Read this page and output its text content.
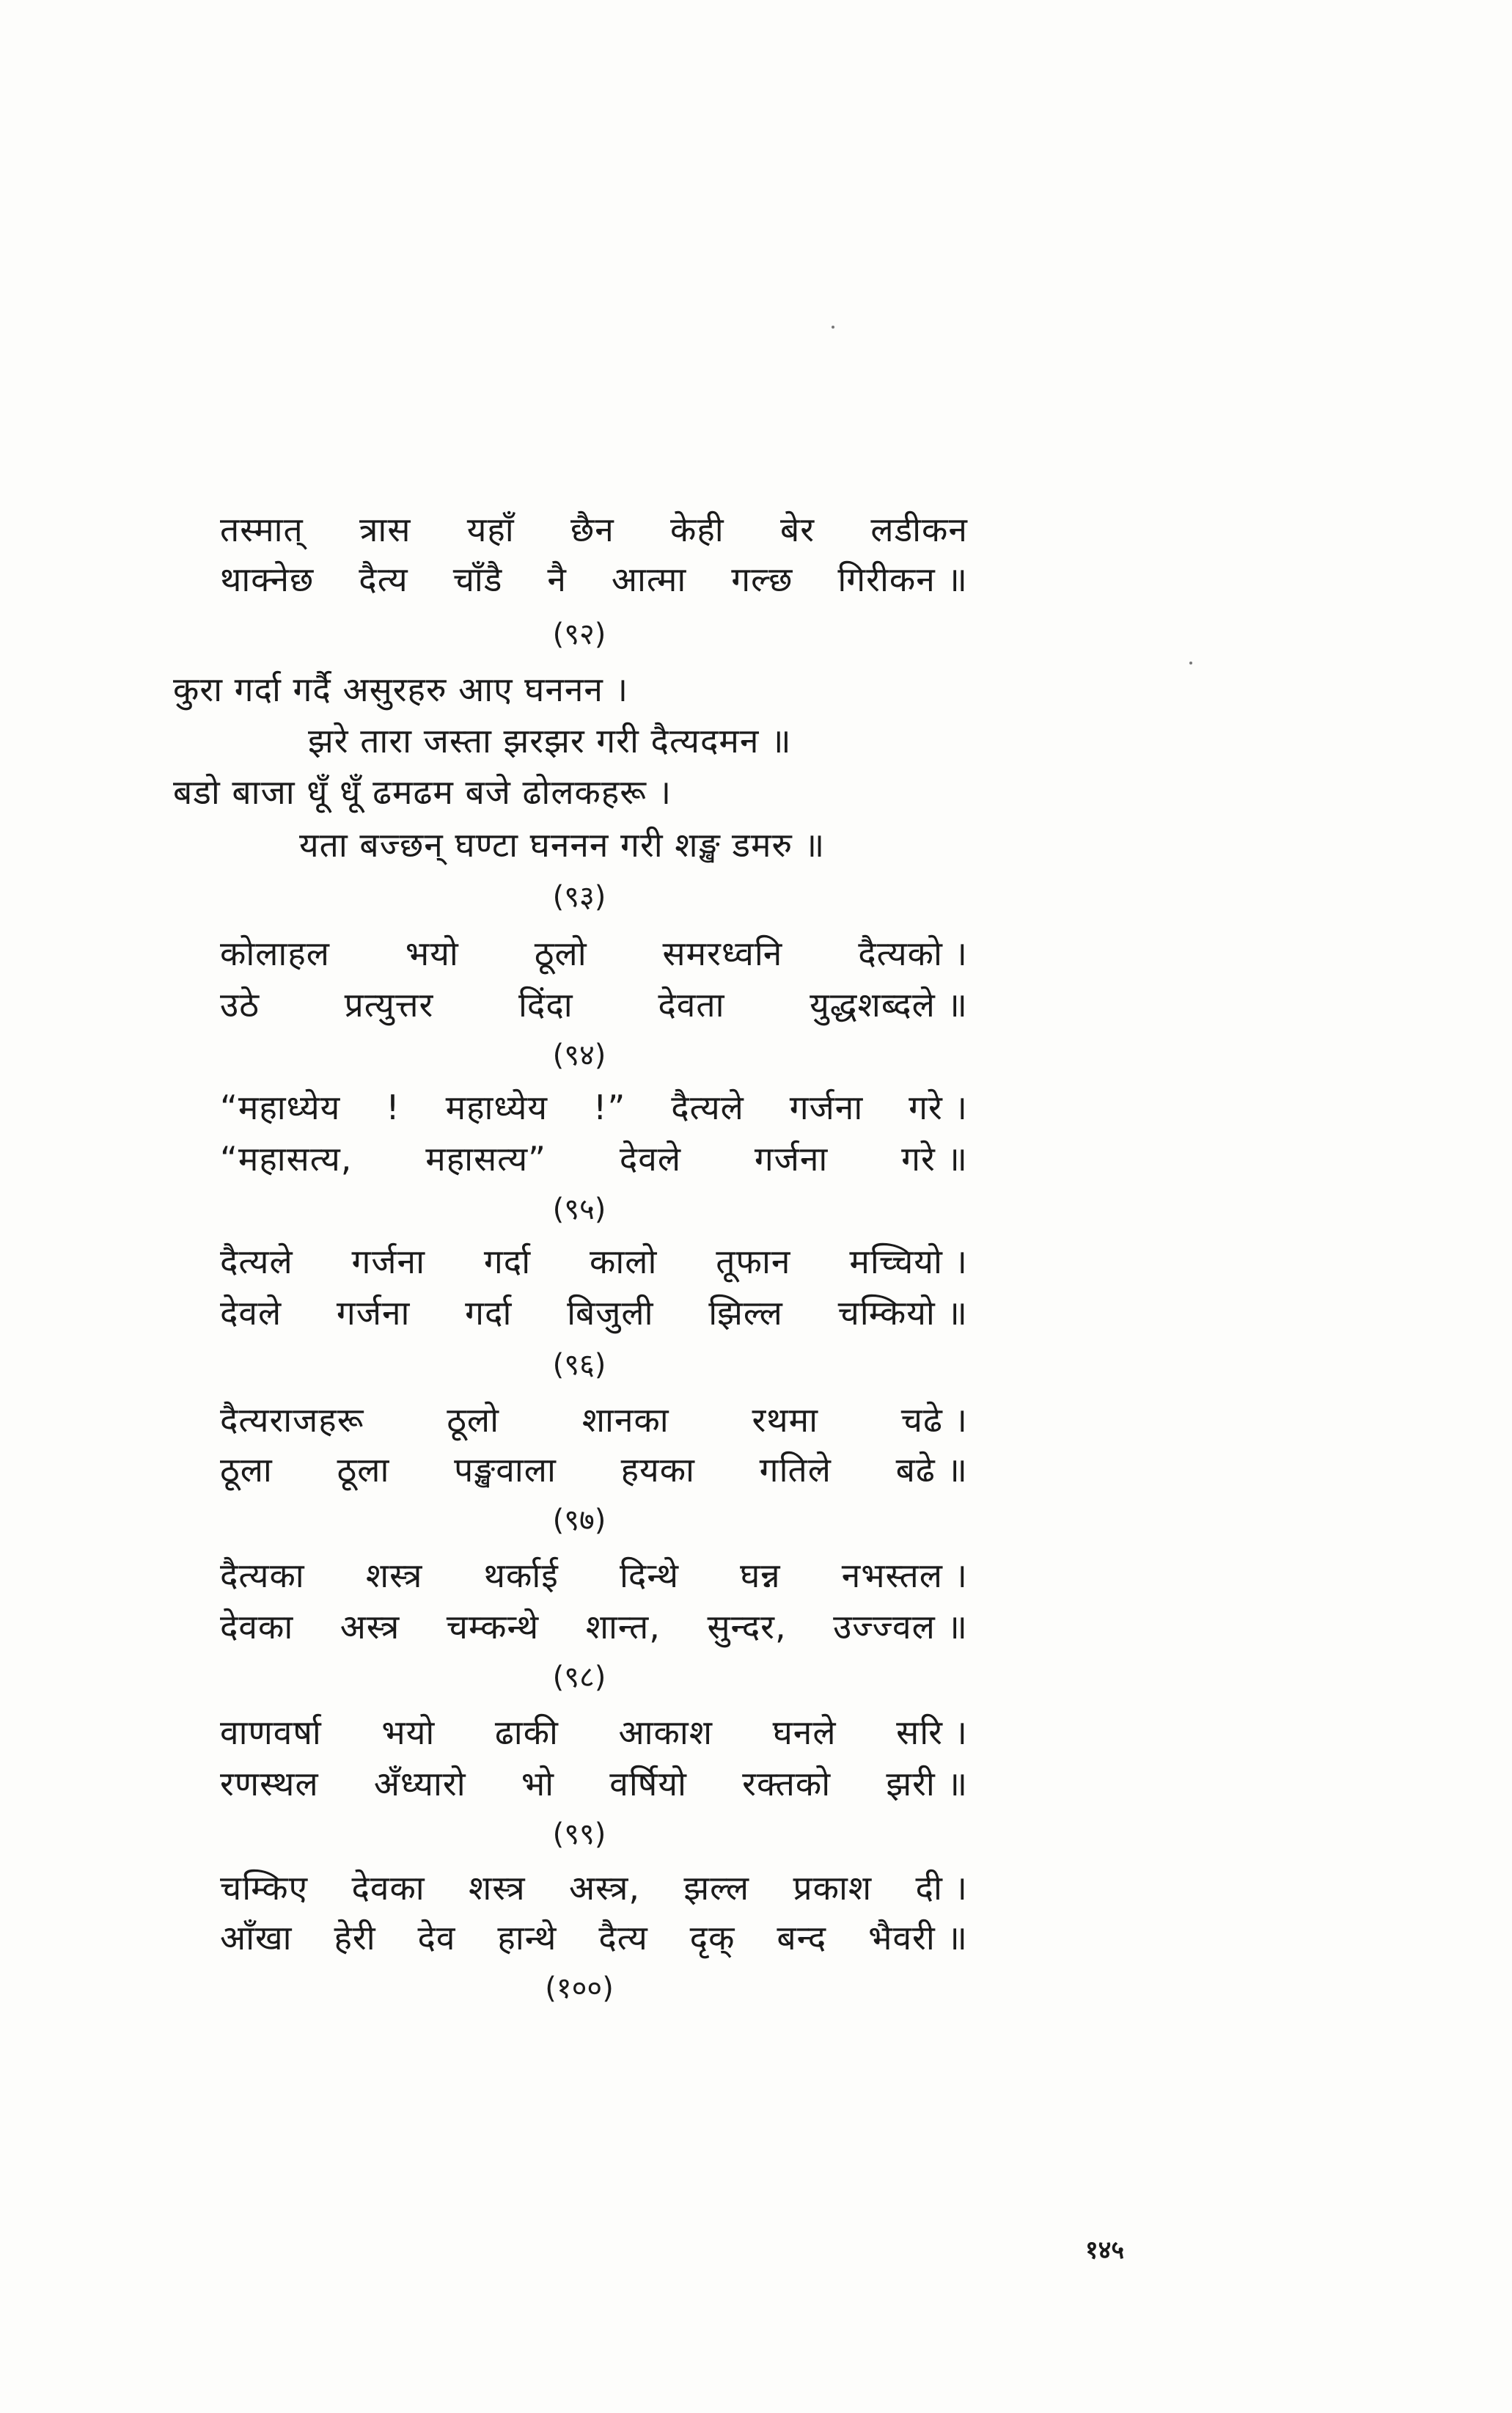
तस्मात् त्रास यहाँ छैन केही बेर लडीकन
थाक्नेछ दैत्य चाँडै नै आत्मा गल्छ गिरीकन ॥
(९२)
कुरा गर्दा गर्दै असुरहरु आए घननन ।
झरे तारा जस्ता झरझर गरी दैत्यदमन ॥
बडो बाजा धूँ धूँ ढमढम बजे ढोलकहरू ।
यता बज्छन् घण्टा घननन गरी शङ्ख डमरु ॥
(९३)
कोलाहल भयो ठूलो समरध्वनि दैत्यको ।
उठे	प्रत्युत्तर	दिंदा	देवता	युद्धशब्दले ॥
(९४)
“महाध्येय ! महाध्येय !” दैत्यले गर्जना गरे ।
“महासत्य, महासत्य” देवले गर्जना गरे ॥
(९५)
दैत्यले गर्जना गर्दा कालो तूफान मच्चियो ।
देवले गर्जना गर्दा बिजुली झिल्ल चम्कियो ॥
(९६)
दैत्यराजहरू ठूलो शानका रथमा चढे ।
ठूला ठूला पङ्खवाला हयका गतिले बढे ॥
(९७)
दैत्यका शस्त्र थर्काई दिन्थे घन्न नभस्तल ।
देवका अस्त्र चम्कन्थे शान्त, सुन्दर, उज्ज्वल ॥
(९८)
वाणवर्षा भयो ढाकी आकाश घनले सरि ।
रणस्थल अँध्यारो भो वर्षियो रक्तको झरी ॥
(९९)
चम्किए देवका शस्त्र अस्त्र, झल्ल प्रकाश दी ।
आँखा हेरी देव हान्थे दैत्य दृक् बन्द भैवरी ॥
(१००)
१४५
